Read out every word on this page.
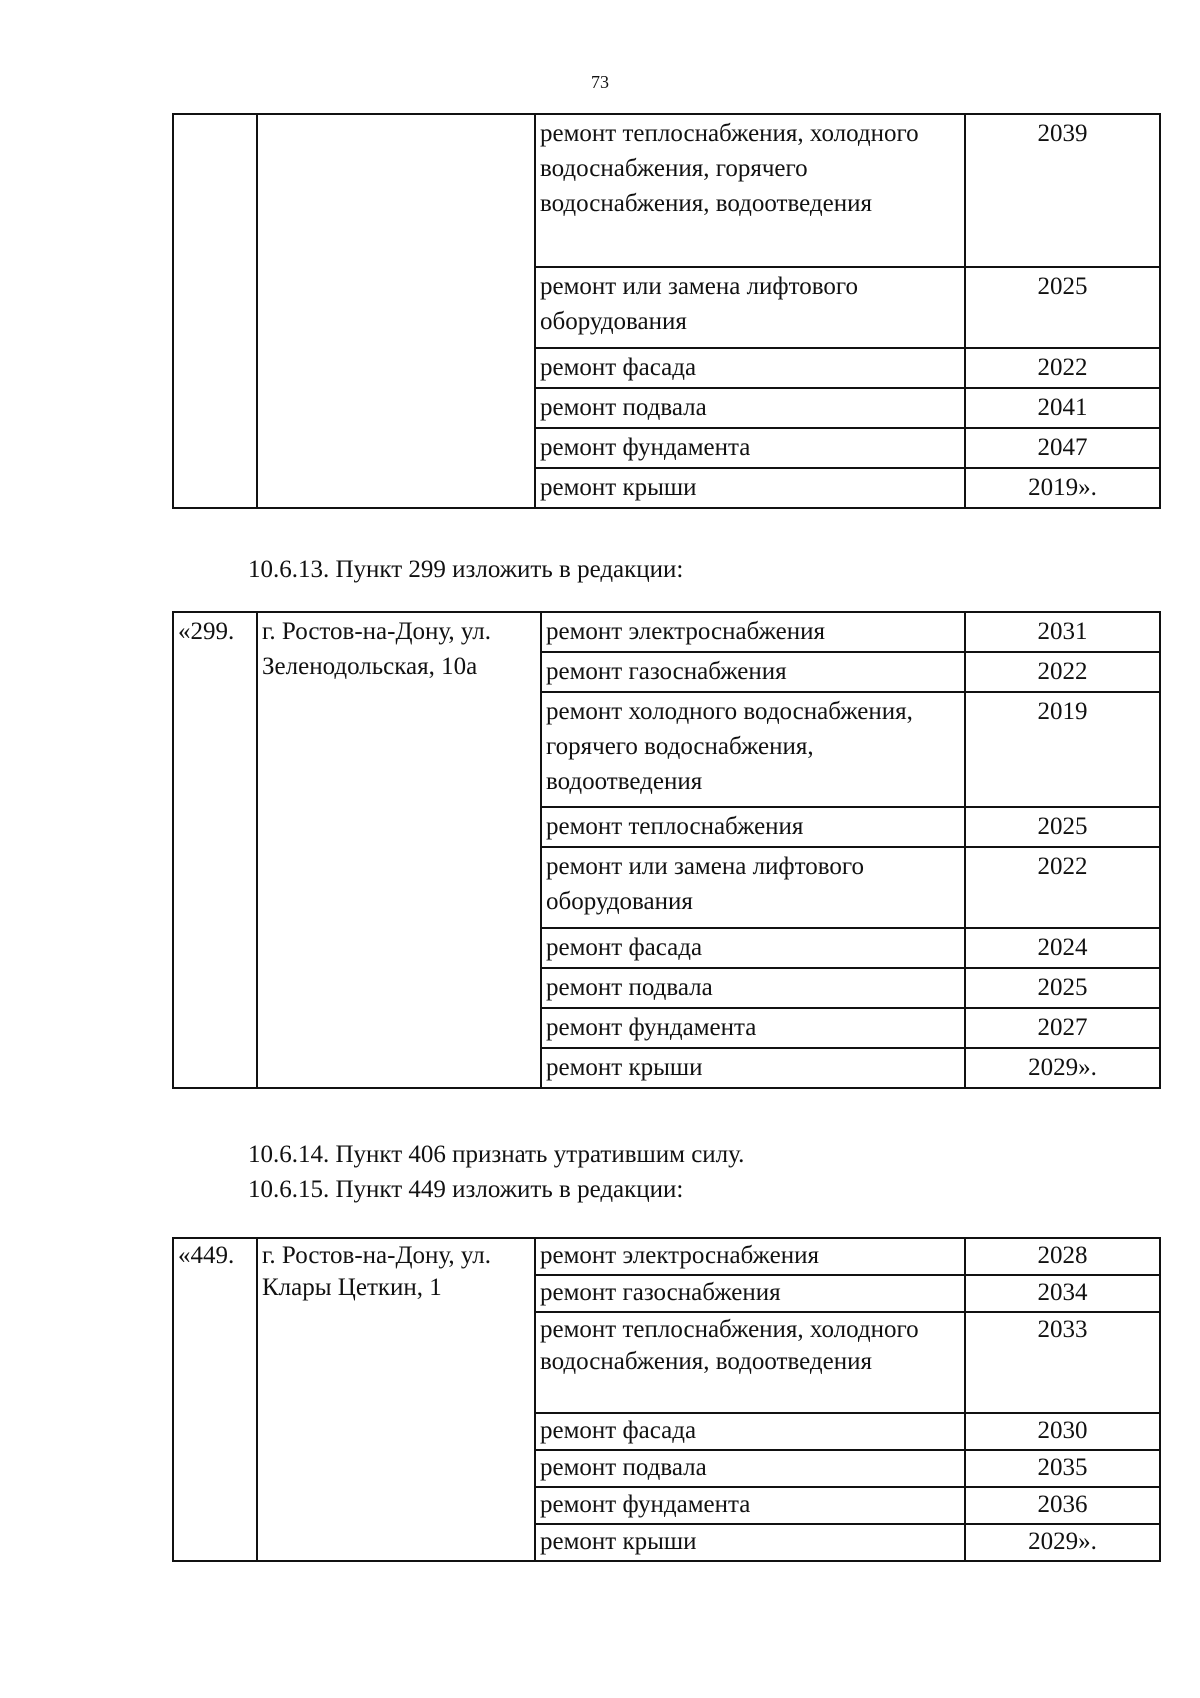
73
		ремонт теплоснабжения, холодного водоснабжения, горячего водоснабжения, водоотведения	2039
		ремонт или замена лифтового оборудования	2025
		ремонт фасада	2022
		ремонт подвала	2041
		ремонт фундамента	2047
		ремонт крыши	2019».
10.6.13. Пункт 299 изложить в редакции:
«299.	г. Ростов-на-Дону, ул. Зеленодольская, 10а	ремонт электроснабжения	2031
		ремонт газоснабжения	2022
		ремонт холодного водоснабжения, горячего водоснабжения, водоотведения	2019
		ремонт теплоснабжения	2025
		ремонт или замена лифтового оборудования	2022
		ремонт фасада	2024
		ремонт подвала	2025
		ремонт фундамента	2027
		ремонт крыши	2029».
10.6.14. Пункт 406 признать утратившим силу.
10.6.15. Пункт 449 изложить в редакции:
«449.	г. Ростов-на-Дону, ул. Клары Цеткин, 1	ремонт электроснабжения	2028
		ремонт газоснабжения	2034
		ремонт теплоснабжения, холодного водоснабжения, водоотведения	2033
		ремонт фасада	2030
		ремонт подвала	2035
		ремонт фундамента	2036
		ремонт крыши	2029».
